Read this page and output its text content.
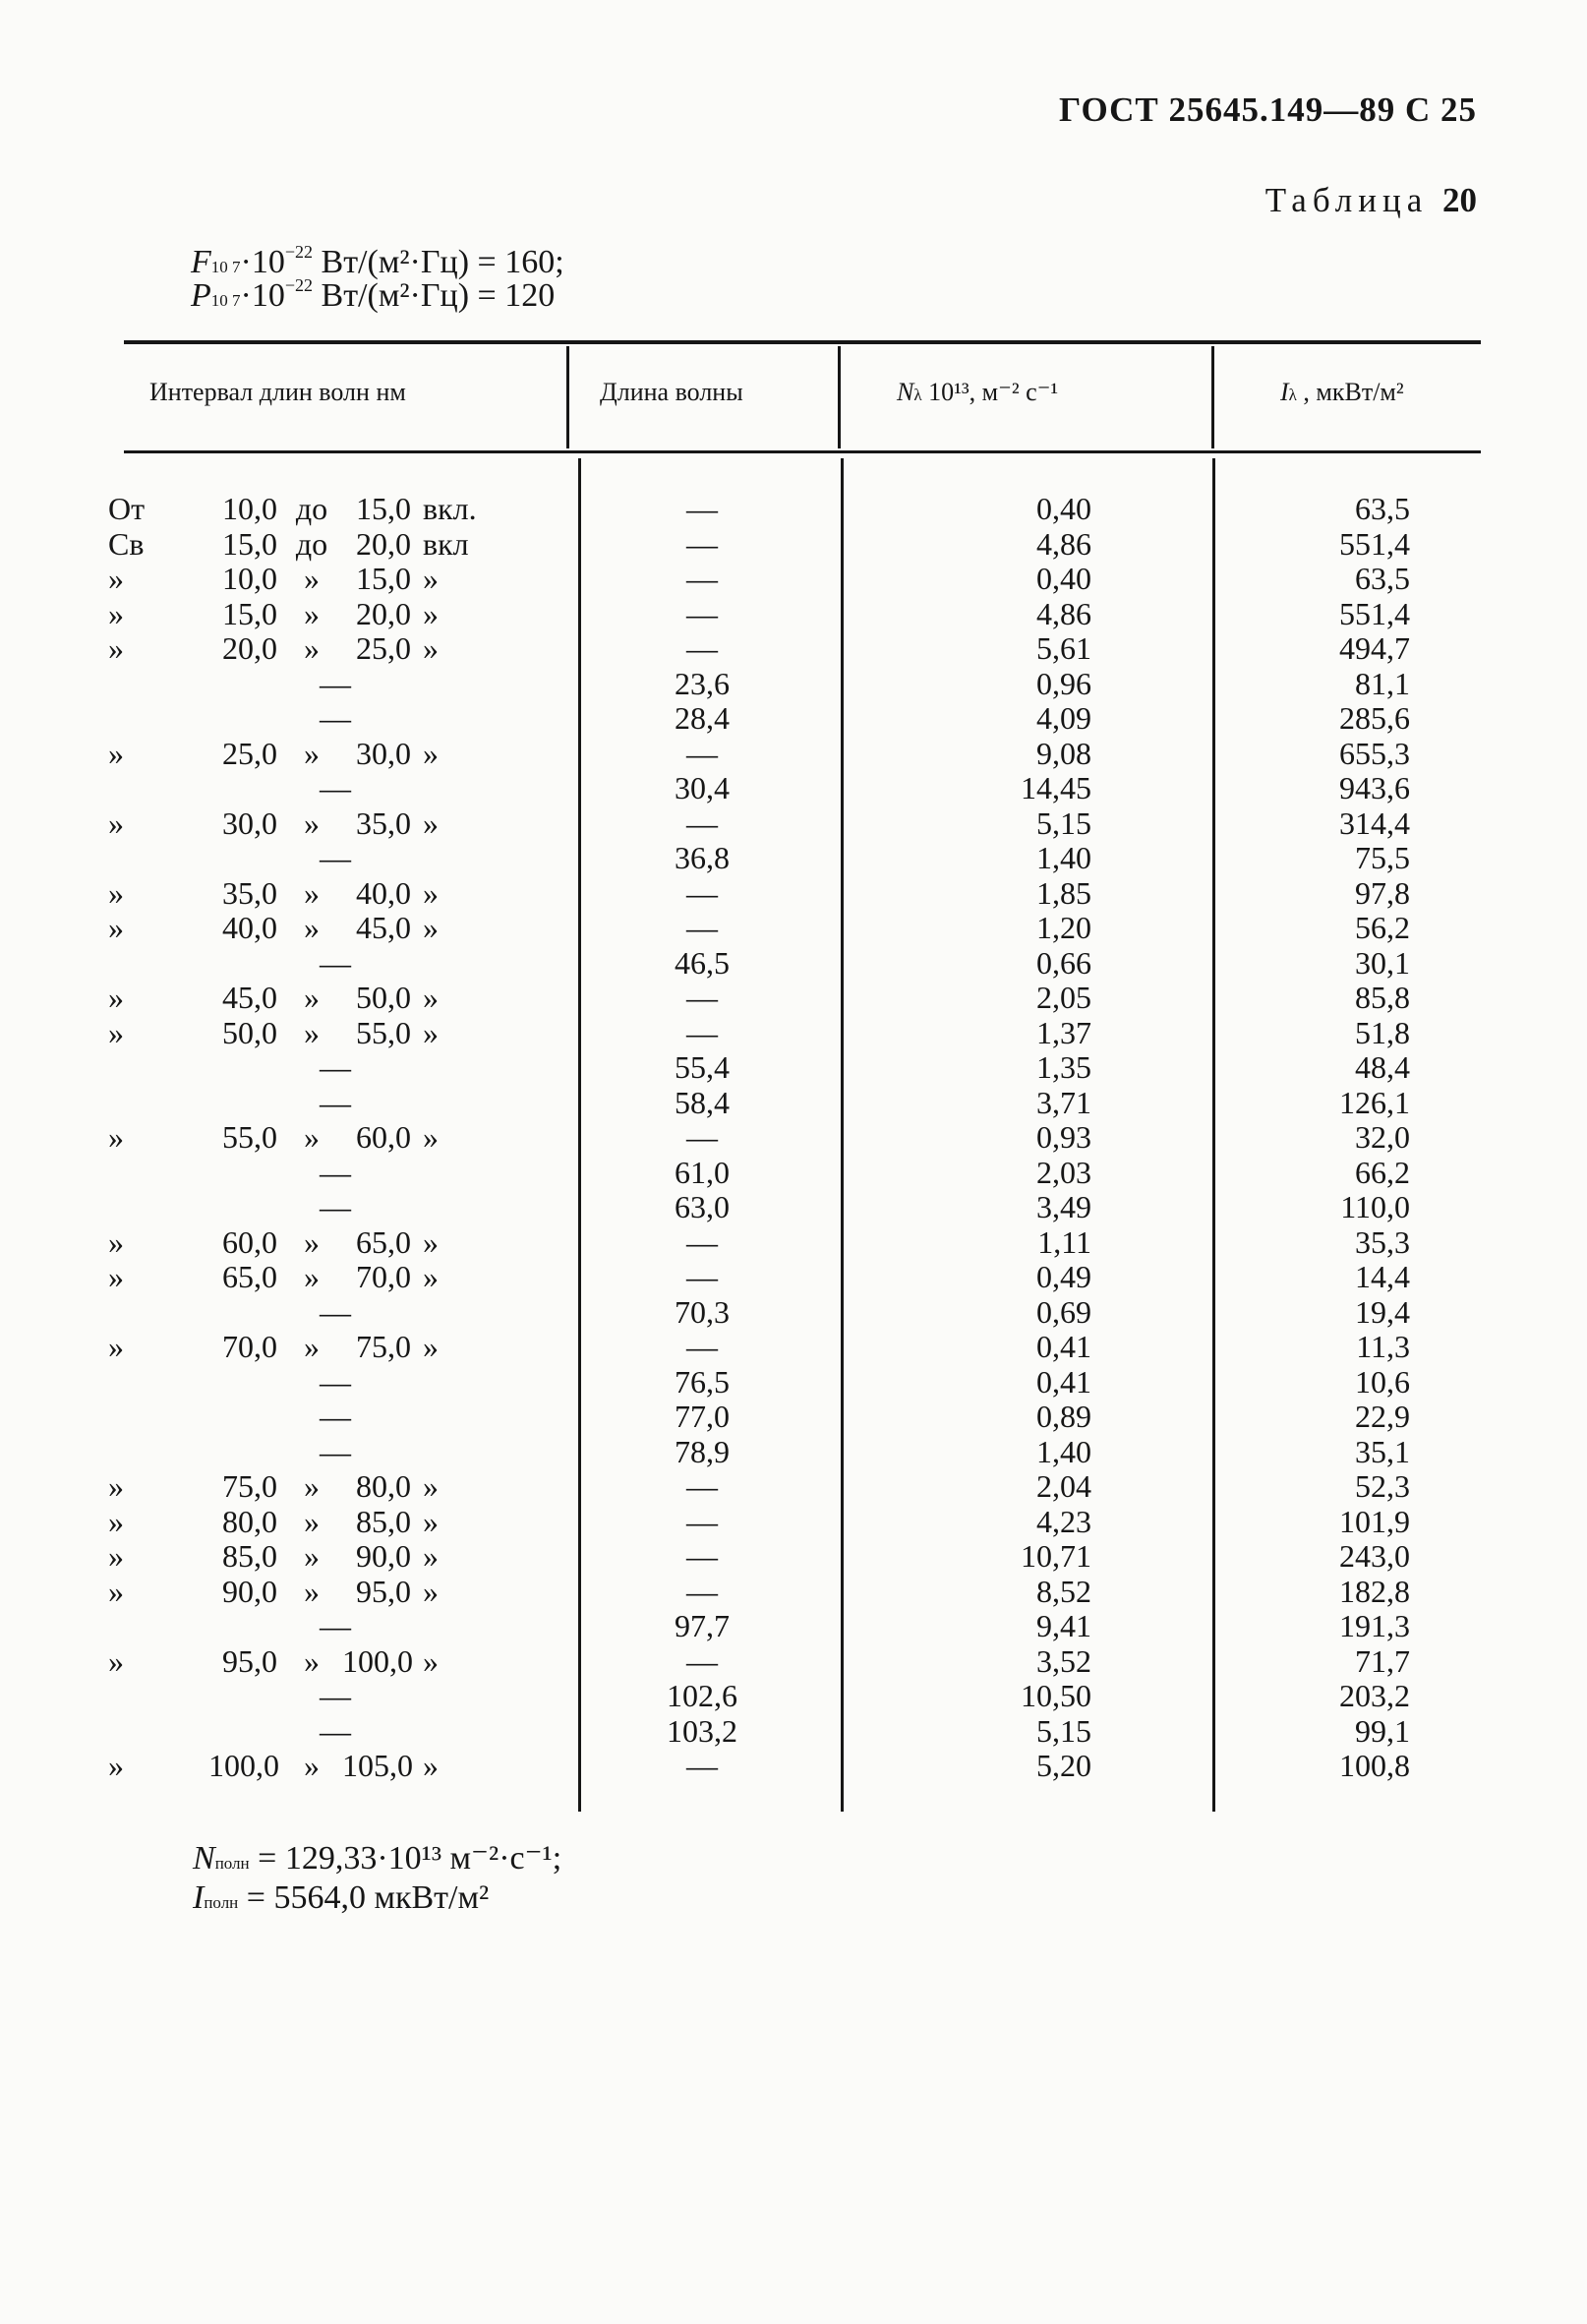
ГОСТ 25645.149—89 С 25
Таблица 20
F10 $7\cdot 10^{-22}$ Вт/(м²·Гц) = 160;
P10 $7\cdot 10^{-22}$ Вт/(м²·Гц) = 120
Интервал длин волн нм	Длина волны	Nλ 10¹³, м⁻² с⁻¹	Iλ , мкВт/м²
От	10,0 до 15,0 вкл.	—	0,40	63,5
Св	15,0 до 20,0 вкл	—	4,86	551,4
»	10,0 »	15,0 »	—	0,40	63,5
»	15,0 »	20,0 »	—	4,86	551,4
»	20,0 »	25,0 »	—	5,61	494,7
—	23,6	0,96	81,1
—	28,4	4,09	285,6
»	25,0 »	30,0 »	—	9,08	655,3
—	30,4	14,45	943,6
»	30,0 »	35,0 »	—	5,15	314,4
—	36,8	1,40	75,5
»	35,0 »	40,0 »	—	1,85	97,8
»	40,0 »	45,0 »	—	1,20	56,2
—	46,5	0,66	30,1
»	45,0 »	50,0 »	—	2,05	85,8
»	50,0 »	55,0 »	—	1,37	51,8
—	55,4	1,35	48,4
—	58,4	3,71	126,1
»	55,0 »	60,0 »	—	0,93	32,0
—	61,0	2,03	66,2
—	63,0	3,49	110,0
»	60,0 »	65,0 »	—	1,11	35,3
»	65,0 »	70,0 »	—	0,49	14,4
—	70,3	0,69	19,4
»	70,0 »	75,0 »	—	0,41	11,3
—	76,5	0,41	10,6
—	77,0	0,89	22,9
—	78,9	1,40	35,1
»	75,0 »	80,0 »	—	2,04	52,3
»	80,0 »	85,0 »	—	4,23	101,9
»	85,0 »	90,0 »	—	10,71	243,0
»	90,0 »	95,0 »	—	8,52	182,8
—	97,7	9,41	191,3
»	95,0 » 100,0 »	—	3,52	71,7
—	102,6	10,50	203,2
—	103,2	5,15	99,1
»	100,0 » 105,0 »	—	5,20	100,8
Nполн = 129,33·10¹³ м⁻²·с⁻¹;
Iполн = 5564,0 мкВт/м²
